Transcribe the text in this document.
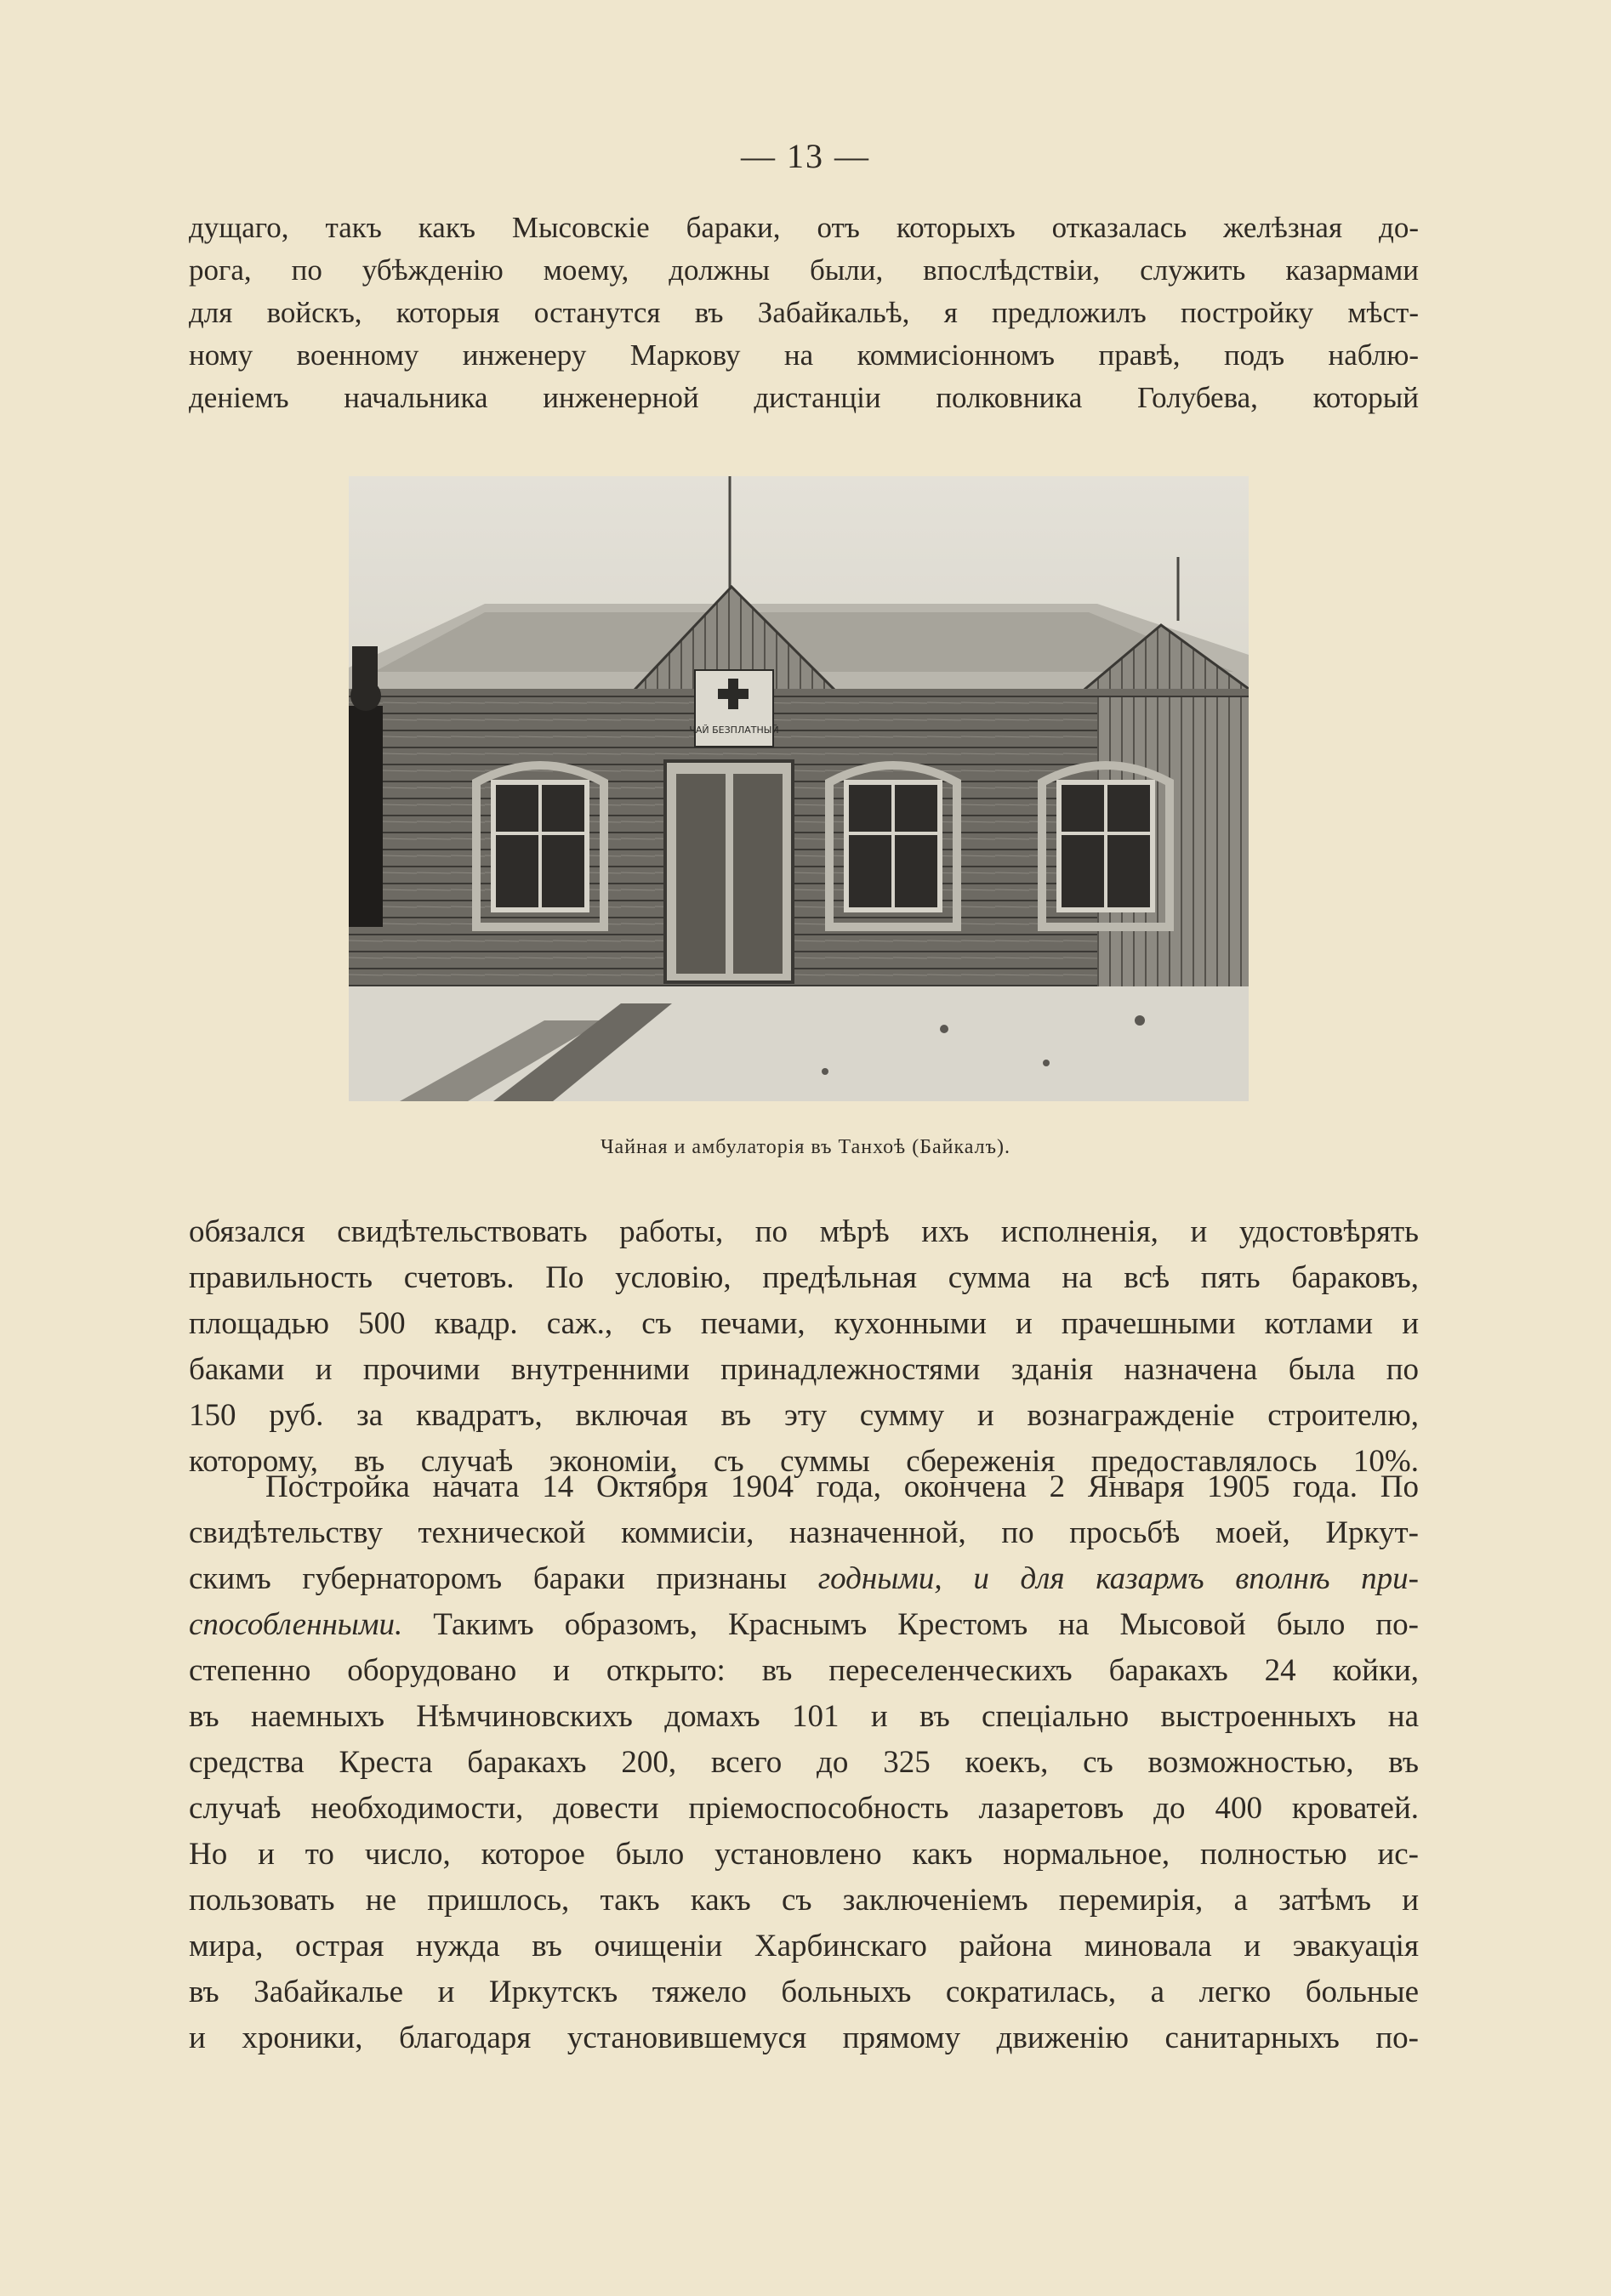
— 13 —
дущаго, такъ какъ Мысовскіе бараки, отъ которыхъ отказалась желѣзная до-
рога, по убѣжденію моему, должны были, впослѣдствіи, служить казармами
для войскъ, которыя останутся въ Забайкальѣ, я предложилъ постройку мѣст-
ному военному инженеру Маркову на коммисіонномъ правѣ, подъ наблю-
деніемъ начальника инженерной дистанціи полковника Голубева, который
ЧАЙ БЕЗПЛАТНЫЙ
Чайная и амбулаторія въ Танхоѣ (Байкалъ).
обязался свидѣтельствовать работы, по мѣрѣ ихъ исполненія, и удостовѣрять
правильность счетовъ. По условію, предѣльная сумма на всѣ пять бараковъ,
площадью 500 квадр. саж., съ печами, кухонными и прачешными котлами и
баками и прочими внутренними принадлежностями зданія назначена была по
150 руб. за квадратъ, включая въ эту сумму и вознагражденіе строителю,
которому, въ случаѣ экономіи, съ суммы сбереженія предоставлялось 10%.
Постройка начата 14 Октября 1904 года, окончена 2 Января 1905 года. По
свидѣтельству технической коммисіи, назначенной, по просьбѣ моей, Иркут-
скимъ губернаторомъ бараки признаны годными, и для казармъ вполнѣ при-
способленными. Такимъ образомъ, Краснымъ Крестомъ на Мысовой было по-
степенно оборудовано и открыто: въ переселенческихъ баракахъ 24 койки,
въ наемныхъ Нѣмчиновскихъ домахъ 101 и въ спеціально выстроенныхъ на
средства Креста баракахъ 200, всего до 325 коекъ, съ возможностью, въ
случаѣ необходимости, довести пріемоспособность лазаретовъ до 400 кроватей.
Но и то число, которое было установлено какъ нормальное, полностью ис-
пользовать не пришлось, такъ какъ съ заключеніемъ перемирія, а затѣмъ и
мира, острая нужда въ очищеніи Харбинскаго района миновала и эвакуація
въ Забайкалье и Иркутскъ тяжело больныхъ сократилась, а легко больные
и хроники, благодаря установившемуся прямому движенію санитарныхъ по-
